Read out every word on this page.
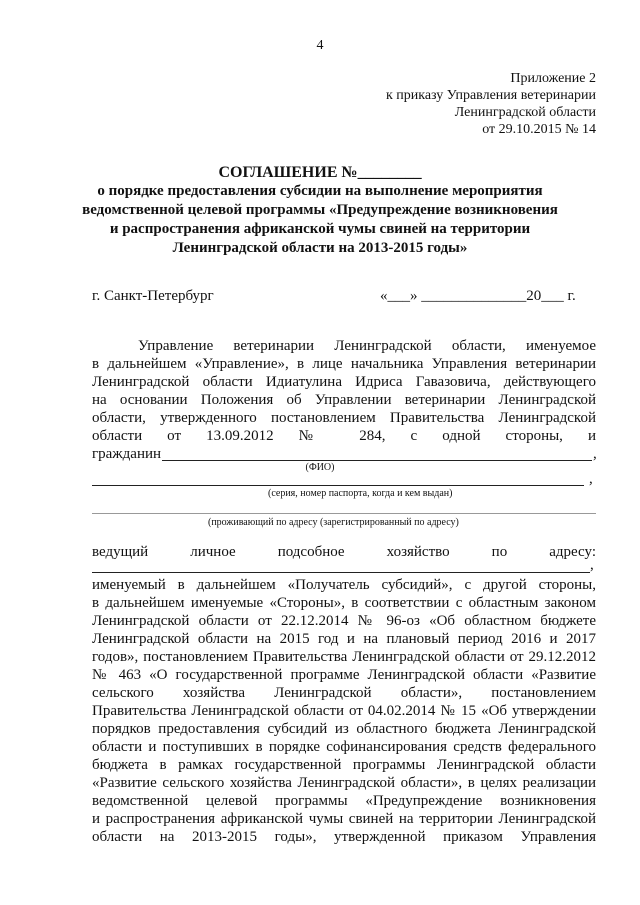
4
Приложение 2
к приказу Управления ветеринарии
Ленинградской области
от 29.10.2015 № 14
СОГЛАШЕНИЕ №________
о порядке предоставления субсидии на выполнение мероприятия
ведомственной целевой программы «Предупреждение возникновения
и распространения африканской чумы свиней на территории
Ленинградской области на 2013-2015 годы»
г. Санкт-Петербург	«___» ______________20___ г.
Управление ветеринарии Ленинградской области, именуемое
в дальнейшем «Управление», в лице начальника Управления ветеринарии
Ленинградской области Идиатулина Идриса Гавазовича, действующего
на основании Положения об Управлении ветеринарии Ленинградской
области, утвержденного постановлением Правительства Ленинградской
области от 13.09.2012 № 284, с одной стороны, и
гражданин	,
(ФИО)
,
(серия, номер паспорта, когда и кем выдан)
(проживающий по адресу (зарегистрированный по адресу)
ведущий личное подсобное хозяйство по адресу:
,
именуемый в дальнейшем «Получатель субсидий», с другой стороны,
в дальнейшем именуемые «Стороны», в соответствии с областным законом
Ленинградской области от 22.12.2014 № 96-оз «Об областном бюджете
Ленинградской области на 2015 год и на плановый период 2016 и 2017
годов», постановлением Правительства Ленинградской области от 29.12.2012
№ 463 «О государственной программе Ленинградской области «Развитие
сельского хозяйства Ленинградской области», постановлением
Правительства Ленинградской области от 04.02.2014 № 15 «Об утверждении
порядков предоставления субсидий из областного бюджета Ленинградской
области и поступивших в порядке софинансирования средств федерального
бюджета в рамках государственной программы Ленинградской области
«Развитие сельского хозяйства Ленинградской области», в целях реализации
ведомственной целевой программы «Предупреждение возникновения
и распространения африканской чумы свиней на территории Ленинградской
области на 2013-2015 годы», утвержденной приказом Управления
